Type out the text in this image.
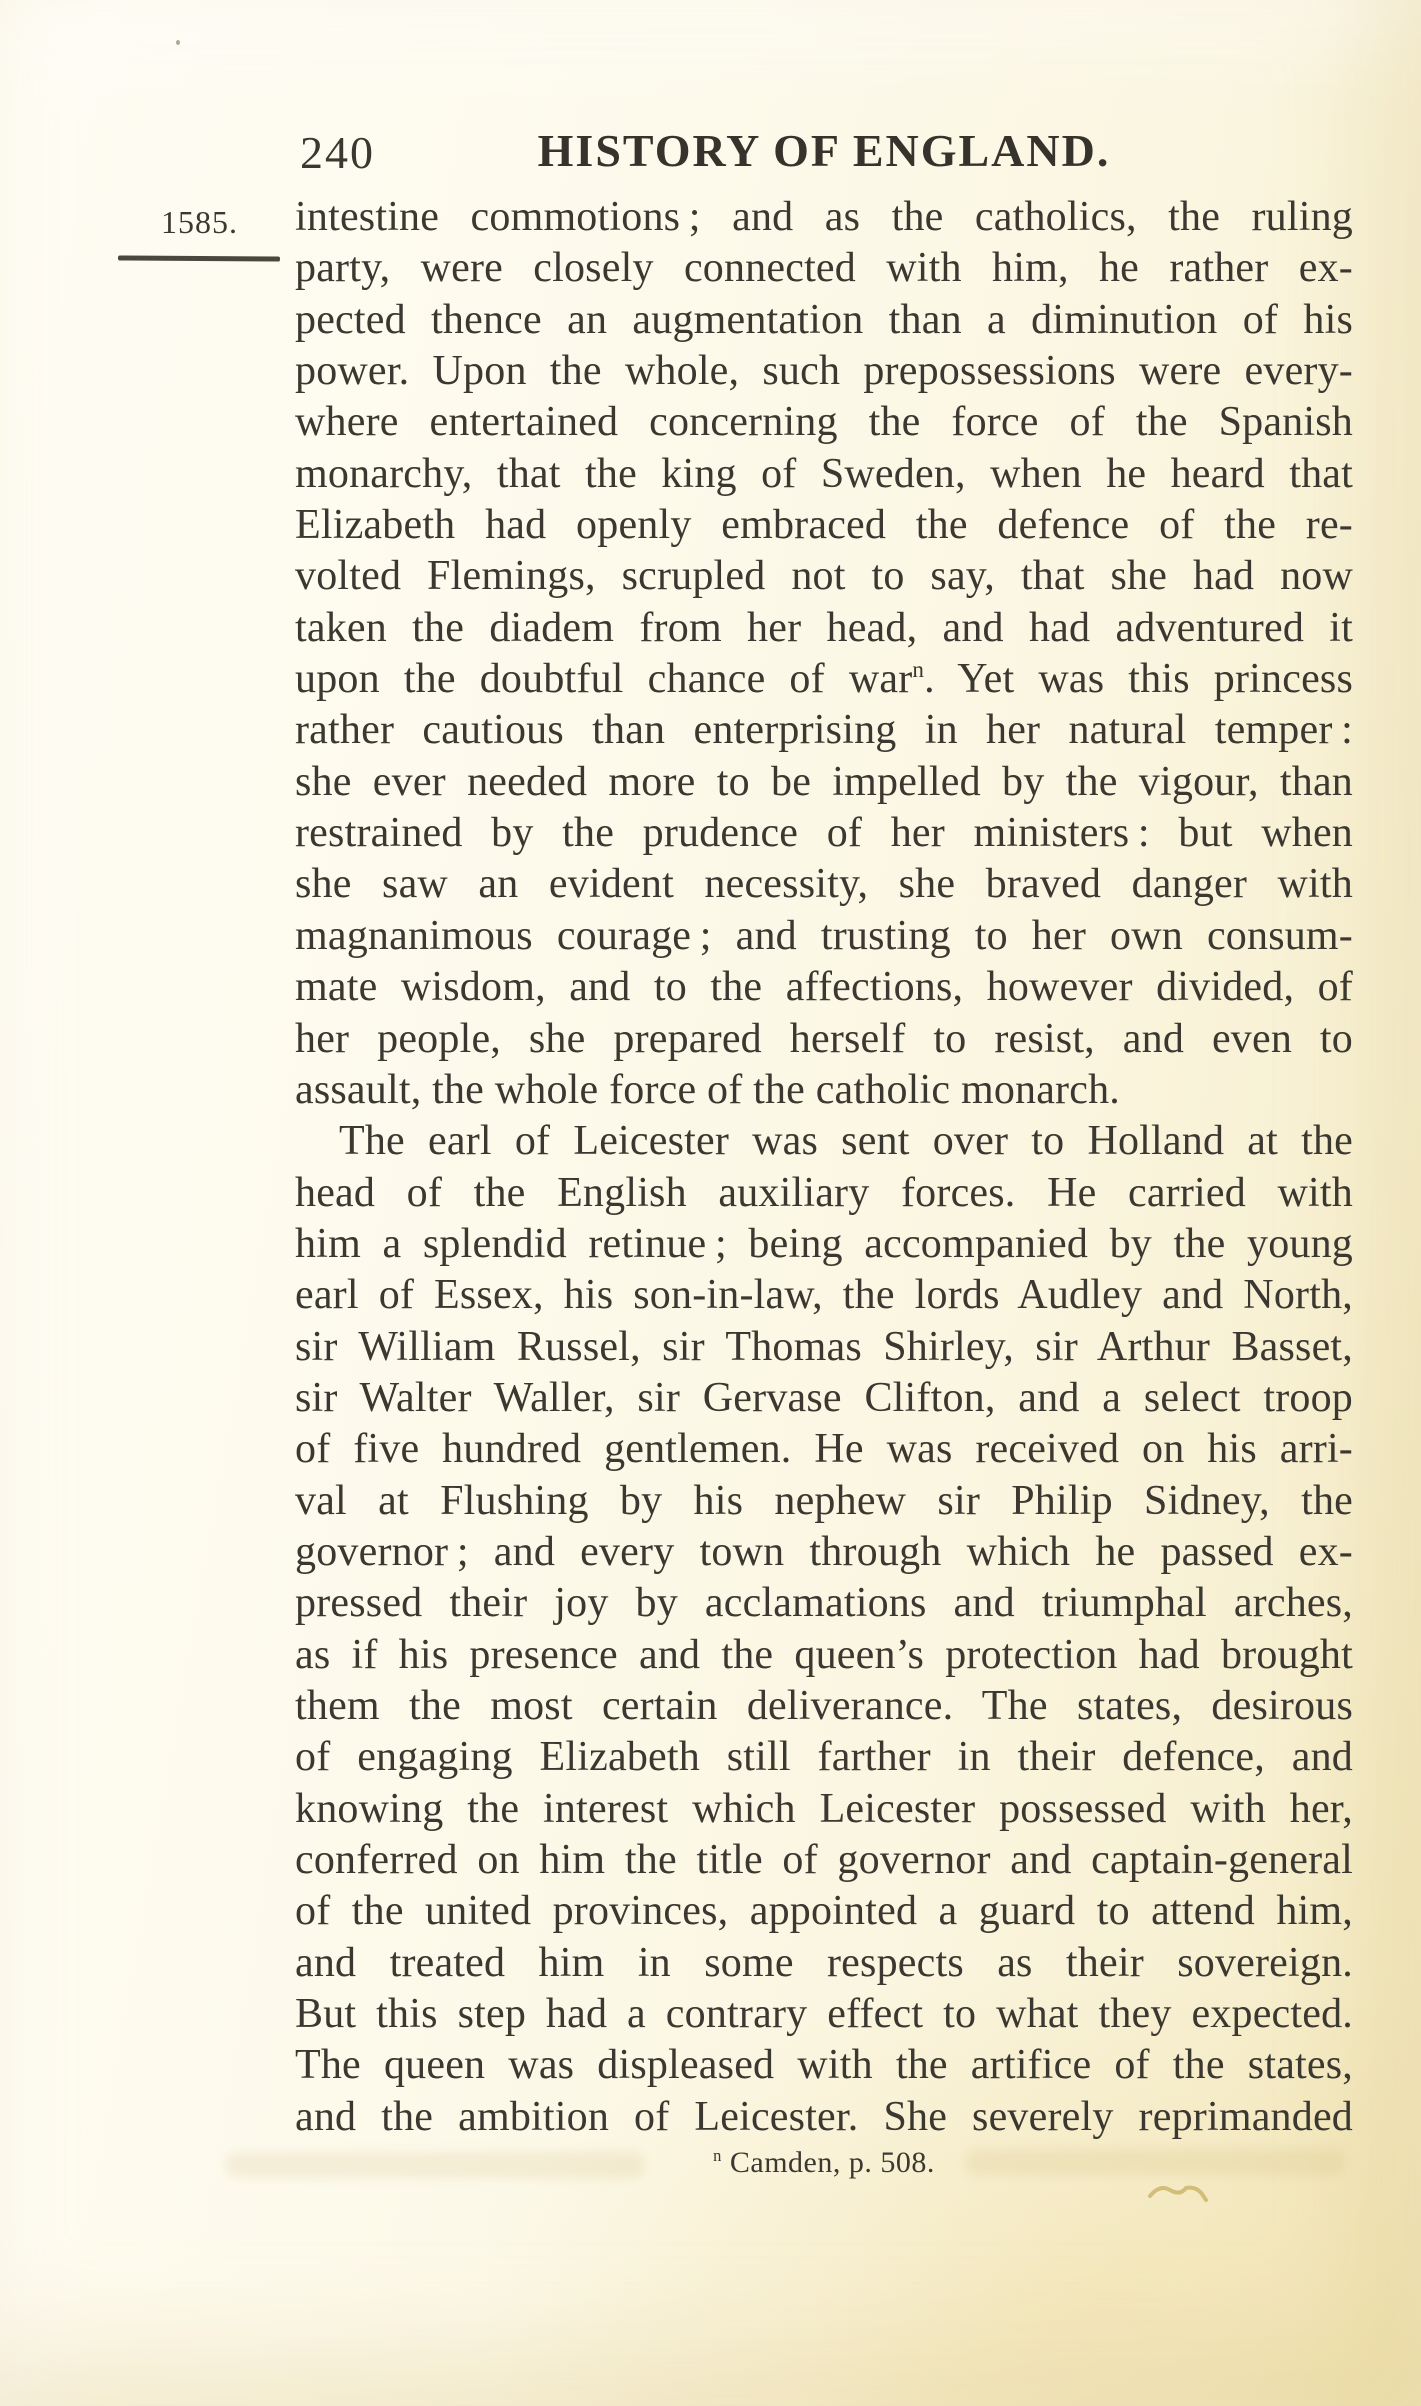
240	HISTORY OF ENGLAND.
1585. intestine commotions ; and as the catholics, the ruling
party, were closely connected with him, he rather ex-
pected thence an augmentation than a diminution of his
power. Upon the whole, such prepossessions were every-
where entertained concerning the force of the Spanish
monarchy, that the king of Sweden, when he heard that
Elizabeth had openly embraced the defence of the re-
volted Flemings, scrupled not to say, that she had now
taken the diadem from her head, and had adventured it
upon the doubtful chance of war$^n$. Yet was this princess
rather cautious than enterprising in her natural temper :
she ever needed more to be impelled by the vigour, than
restrained by the prudence of her ministers : but when
she saw an evident necessity, she braved danger with
magnanimous courage ; and trusting to her own consum-
mate wisdom, and to the affections, however divided, of
her people, she prepared herself to resist, and even to
assault, the whole force of the catholic monarch.
The earl of Leicester was sent over to Holland at the
head of the English auxiliary forces. He carried with
him a splendid retinue ; being accompanied by the young
earl of Essex, his son-in-law, the lords Audley and North,
sir William Russel, sir Thomas Shirley, sir Arthur Basset,
sir Walter Waller, sir Gervase Clifton, and a select troop
of five hundred gentlemen. He was received on his arri-
val at Flushing by his nephew sir Philip Sidney, the
governor ; and every town through which he passed ex-
pressed their joy by acclamations and triumphal arches,
as if his presence and the queen’s protection had brought
them the most certain deliverance. The states, desirous
of engaging Elizabeth still farther in their defence, and
knowing the interest which Leicester possessed with her,
conferred on him the title of governor and captain-general
of the united provinces, appointed a guard to attend him,
and treated him in some respects as their sovereign.
But this step had a contrary effect to what they expected.
The queen was displeased with the artifice of the states,
and the ambition of Leicester. She severely reprimanded
$^n$ Camden, p. 508.
